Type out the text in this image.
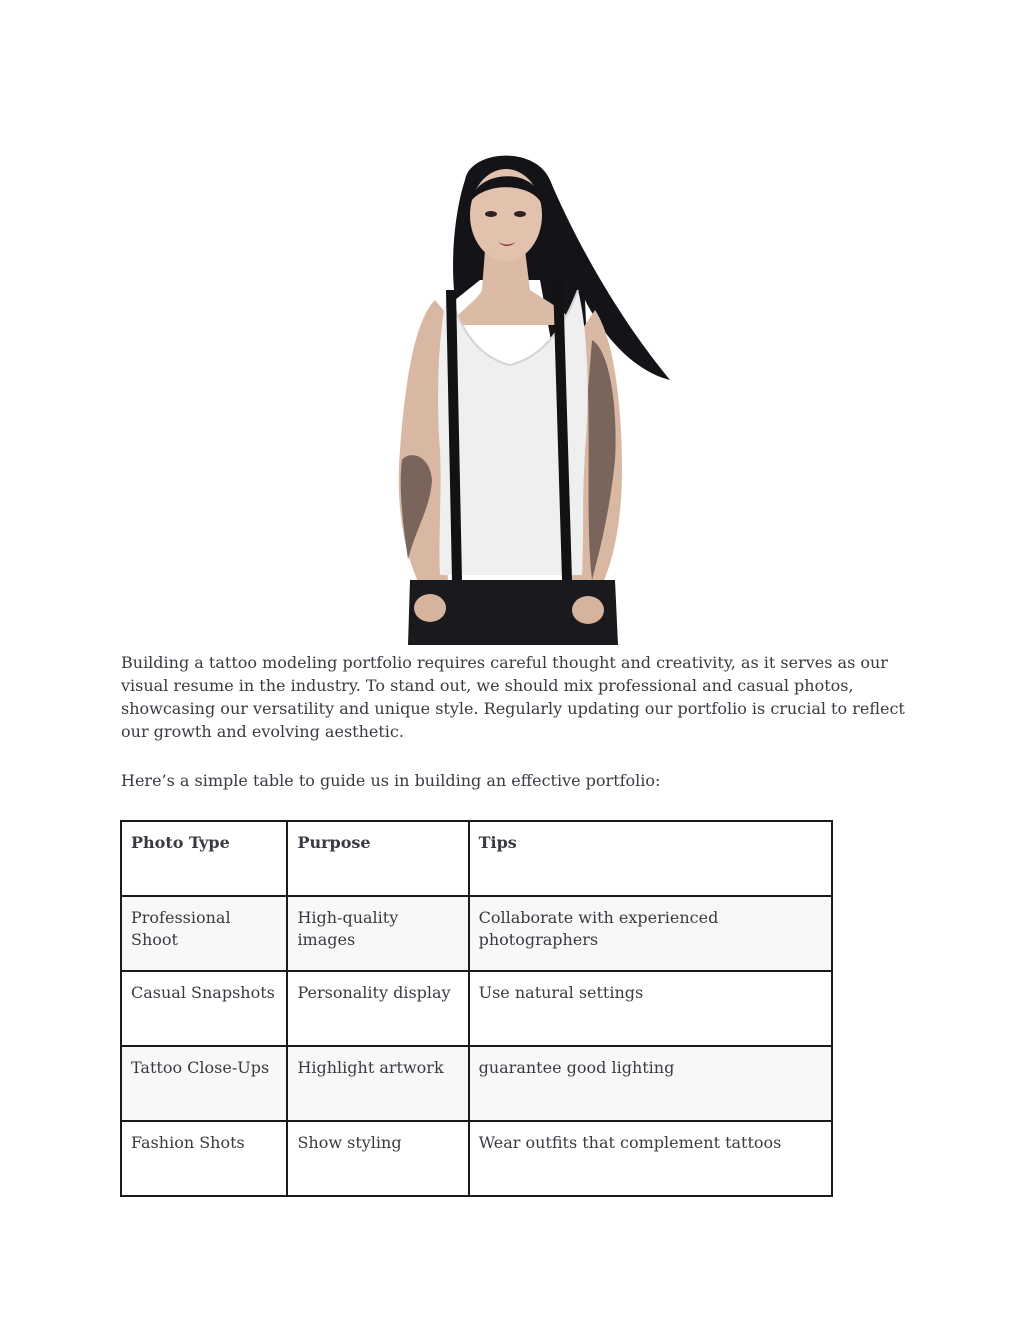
Building a tattoo modeling portfolio requires careful thought and creativity, as it serves as our visual resume in the industry. To stand out, we should mix professional and casual photos, showcasing our versatility and unique style. Regularly updating our portfolio is crucial to reflect our growth and evolving aesthetic.

Here’s a simple table to guide us in building an effective portfolio:

Photo Type	Purpose	Tips
Professional Shoot	High-quality images	Collaborate with experienced photographers
Casual Snapshots	Personality display	Use natural settings
Tattoo Close-Ups	Highlight artwork	guarantee good lighting
Fashion Shots	Show styling	Wear outfits that complement tattoos
